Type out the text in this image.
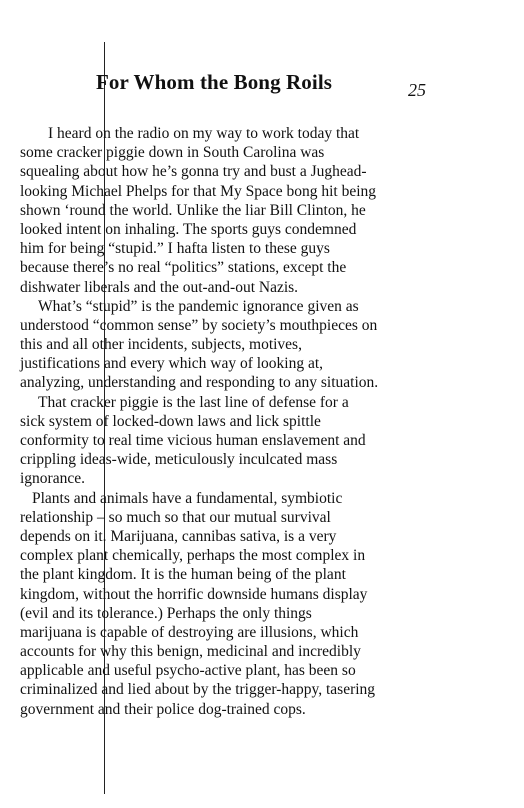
For Whom the Bong Roils	25
I heard on the radio on my way to work today that
some cracker piggie down in South Carolina was
squealing about how he’s gonna try and bust a Jughead-
looking Michael Phelps for that My Space bong hit being
shown ‘round the world. Unlike the liar Bill Clinton, he
looked intent on inhaling. The sports guys condemned
him for being “stupid.” I hafta listen to these guys
because there’s no real “politics” stations, except the
dishwater liberals and the out-and-out Nazis.
What’s “stupid” is the pandemic ignorance given as
understood “common sense” by society’s mouthpieces on
this and all other incidents, subjects, motives,
justifications and every which way of looking at,
analyzing, understanding and responding to any situation.
That cracker piggie is the last line of defense for a
sick system of locked-down laws and lick spittle
conformity to real time vicious human enslavement and
crippling ideas-wide, meticulously inculcated mass
ignorance.
Plants and animals have a fundamental, symbiotic
relationship – so much so that our mutual survival
depends on it. Marijuana, cannibas sativa, is a very
complex plant chemically, perhaps the most complex in
the plant kingdom. It is the human being of the plant
kingdom, without the horrific downside humans display
(evil and its tolerance.) Perhaps the only things
marijuana is capable of destroying are illusions, which
accounts for why this benign, medicinal and incredibly
applicable and useful psycho-active plant, has been so
criminalized and lied about by the trigger-happy, tasering
government and their police dog-trained cops.
